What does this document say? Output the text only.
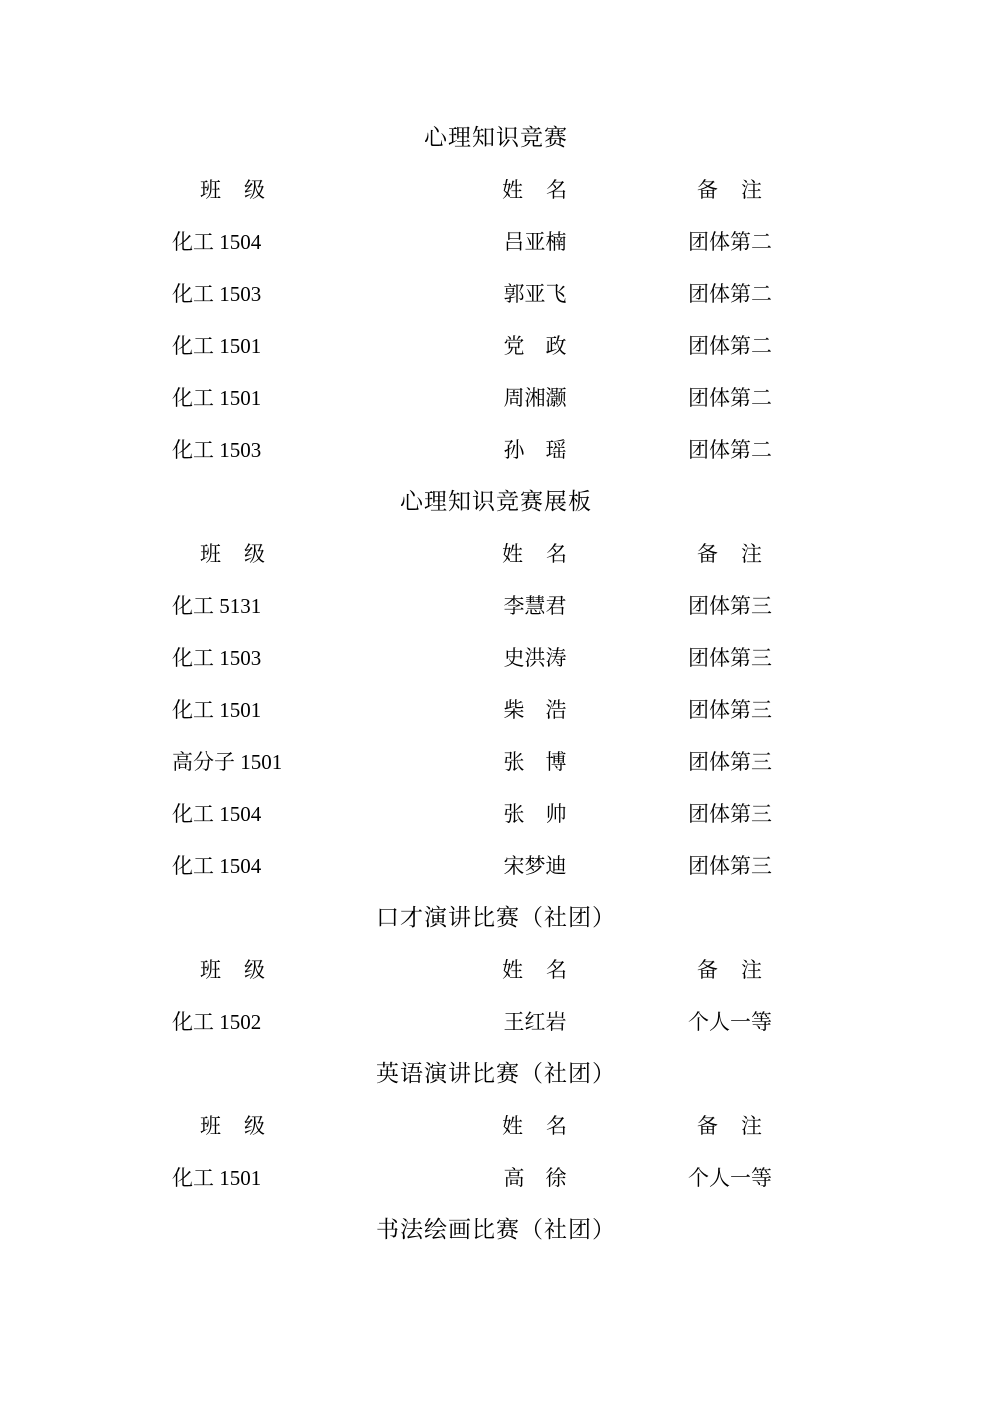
心理知识竞赛
班　级	姓　名	备　注
化工 1504	吕亚楠	团体第二
化工 1503	郭亚飞	团体第二
化工 1501	党　政	团体第二
化工 1501	周湘灏	团体第二
化工 1503	孙　瑶	团体第二
心理知识竞赛展板
班　级	姓　名	备　注
化工 5131	李慧君	团体第三
化工 1503	史洪涛	团体第三
化工 1501	柴　浩	团体第三
高分子 1501	张　博	团体第三
化工 1504	张　帅	团体第三
化工 1504	宋梦迪	团体第三
口才演讲比赛（社团）
班　级	姓　名	备　注
化工 1502	王红岩	个人一等
英语演讲比赛（社团）
班　级	姓　名	备　注
化工 1501	高　徐	个人一等
书法绘画比赛（社团）
